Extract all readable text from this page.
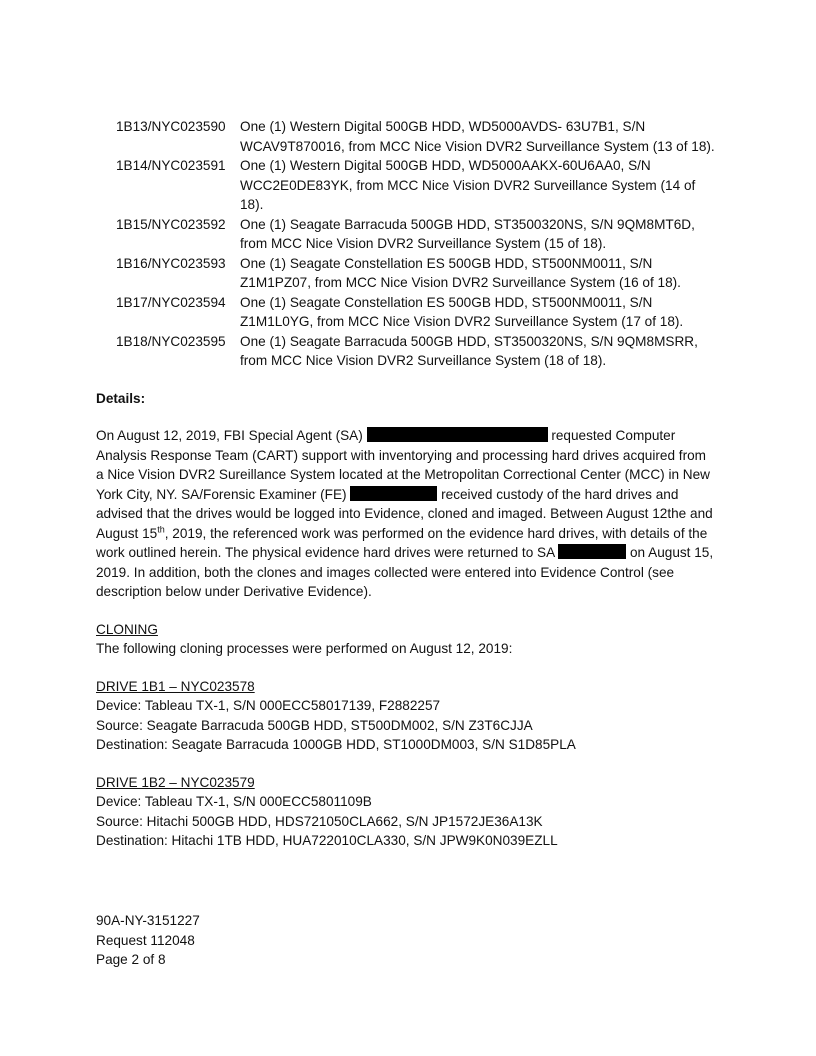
1B13/NYC023590	One (1) Western Digital 500GB HDD, WD5000AVDS- 63U7B1, S/N WCAV9T870016, from MCC Nice Vision DVR2 Surveillance System (13 of 18).
1B14/NYC023591	One (1) Western Digital 500GB HDD, WD5000AAKX-60U6AA0, S/N WCC2E0DE83YK, from MCC Nice Vision DVR2 Surveillance System (14 of 18).
1B15/NYC023592	One (1) Seagate Barracuda 500GB HDD, ST3500320NS, S/N 9QM8MT6D, from MCC Nice Vision DVR2 Surveillance System (15 of 18).
1B16/NYC023593	One (1) Seagate Constellation ES 500GB HDD, ST500NM0011, S/N Z1M1PZ07, from MCC Nice Vision DVR2 Surveillance System (16 of 18).
1B17/NYC023594	One (1) Seagate Constellation ES 500GB HDD, ST500NM0011, S/N Z1M1L0YG, from MCC Nice Vision DVR2 Surveillance System (17 of 18).
1B18/NYC023595	One (1) Seagate Barracuda 500GB HDD, ST3500320NS, S/N 9QM8MSRR, from MCC Nice Vision DVR2 Surveillance System (18 of 18).
Details:
On August 12, 2019, FBI Special Agent (SA)	requested Computer Analysis Response Team (CART) support with inventorying and processing hard drives acquired from a Nice Vision DVR2 Sureillance System located at the Metropolitan Correctional Center (MCC) in New York City, NY. SA/Forensic Examiner (FE)	received custody of the hard drives and advised that the drives would be logged into Evidence, cloned and imaged. Between August 12the and August 15th, 2019, the referenced work was performed on the evidence hard drives, with details of the work outlined herein. The physical evidence hard drives were returned to SA	on August 15, 2019. In addition, both the clones and images collected were entered into Evidence Control (see description below under Derivative Evidence).
CLONING
The following cloning processes were performed on August 12, 2019:
DRIVE 1B1 – NYC023578
Device: Tableau TX-1, S/N 000ECC58017139, F2882257
Source: Seagate Barracuda 500GB HDD, ST500DM002, S/N Z3T6CJJA
Destination: Seagate Barracuda 1000GB HDD, ST1000DM003, S/N S1D85PLA
DRIVE 1B2 – NYC023579
Device: Tableau TX-1, S/N 000ECC5801109B
Source: Hitachi 500GB HDD, HDS721050CLA662, S/N JP1572JE36A13K
Destination: Hitachi 1TB HDD, HUA722010CLA330, S/N JPW9K0N039EZLL
90A-NY-3151227
Request 112048
Page 2 of 8
